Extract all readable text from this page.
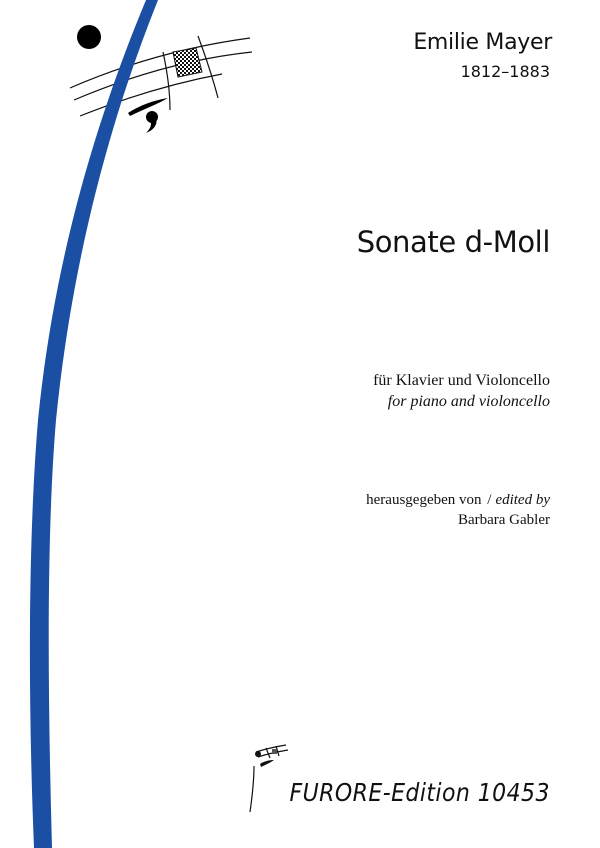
Emilie Mayer
1812–1883
Sonate d-Moll
für Klavier und Violoncello
for piano and violoncello
herausgegeben von / edited by
Barbara Gabler
FURORE-Edition 10453
